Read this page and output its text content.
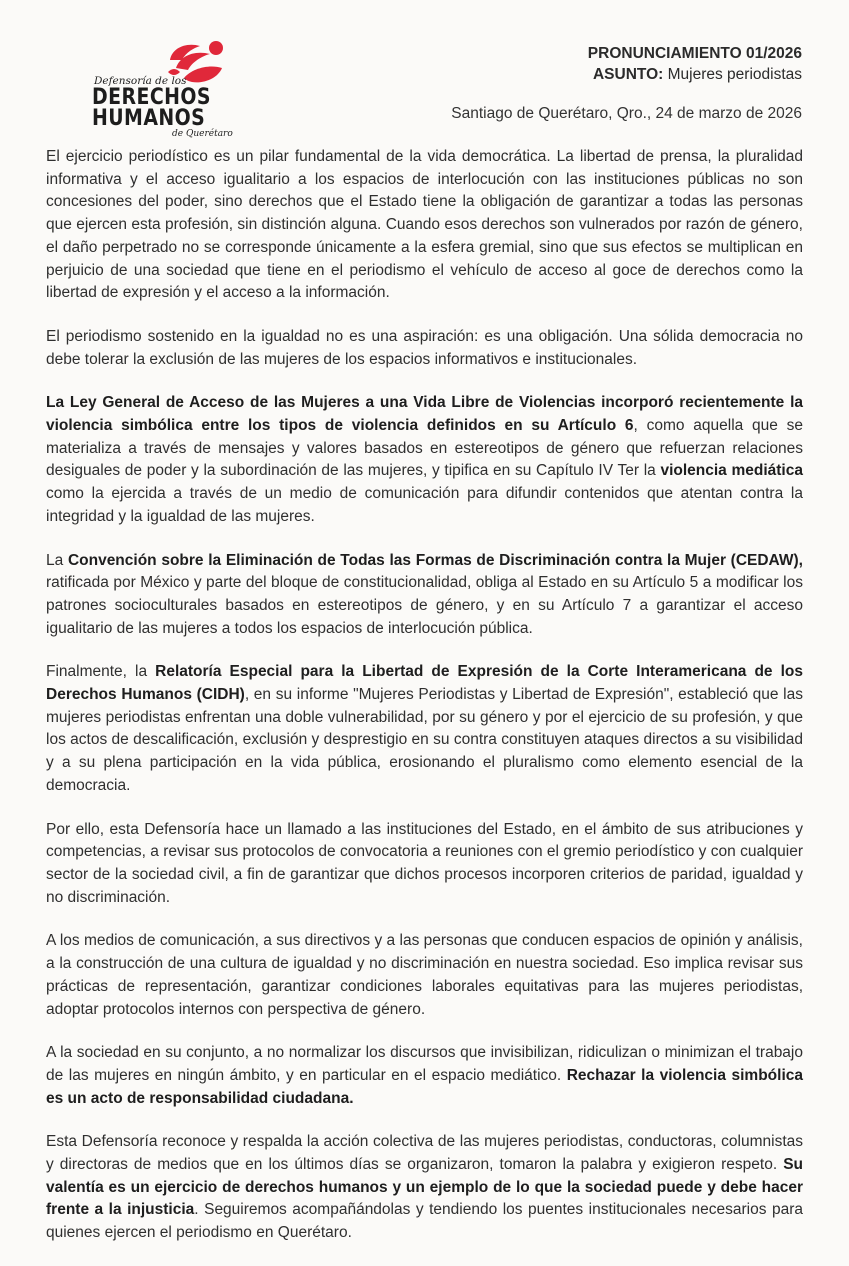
Defensoría de los
DERECHOS
HUMANOS
de Querétaro
PRONUNCIAMIENTO 01/2026
ASUNTO: Mujeres periodistas
Santiago de Querétaro, Qro., 24 de marzo de 2026

El ejercicio periodístico es un pilar fundamental de la vida democrática. La libertad de prensa, la pluralidad informativa y el acceso igualitario a los espacios de interlocución con las instituciones públicas no son concesiones del poder, sino derechos que el Estado tiene la obligación de garantizar a todas las personas que ejercen esta profesión, sin distinción alguna. Cuando esos derechos son vulnerados por razón de género, el daño perpetrado no se corresponde únicamente a la esfera gremial, sino que sus efectos se multiplican en perjuicio de una sociedad que tiene en el periodismo el vehículo de acceso al goce de derechos como la libertad de expresión y el acceso a la información.

El periodismo sostenido en la igualdad no es una aspiración: es una obligación. Una sólida democracia no debe tolerar la exclusión de las mujeres de los espacios informativos e institucionales.

La Ley General de Acceso de las Mujeres a una Vida Libre de Violencias incorporó recientemente la violencia simbólica entre los tipos de violencia definidos en su Artículo 6, como aquella que se materializa a través de mensajes y valores basados en estereotipos de género que refuerzan relaciones desiguales de poder y la subordinación de las mujeres, y tipifica en su Capítulo IV Ter la violencia mediática como la ejercida a través de un medio de comunicación para difundir contenidos que atentan contra la integridad y la igualdad de las mujeres.

La Convención sobre la Eliminación de Todas las Formas de Discriminación contra la Mujer (CEDAW), ratificada por México y parte del bloque de constitucionalidad, obliga al Estado en su Artículo 5 a modificar los patrones socioculturales basados en estereotipos de género, y en su Artículo 7 a garantizar el acceso igualitario de las mujeres a todos los espacios de interlocución pública.

Finalmente, la Relatoría Especial para la Libertad de Expresión de la Corte Interamericana de los Derechos Humanos (CIDH), en su informe "Mujeres Periodistas y Libertad de Expresión", estableció que las mujeres periodistas enfrentan una doble vulnerabilidad, por su género y por el ejercicio de su profesión, y que los actos de descalificación, exclusión y desprestigio en su contra constituyen ataques directos a su visibilidad y a su plena participación en la vida pública, erosionando el pluralismo como elemento esencial de la democracia.

Por ello, esta Defensoría hace un llamado a las instituciones del Estado, en el ámbito de sus atribuciones y competencias, a revisar sus protocolos de convocatoria a reuniones con el gremio periodístico y con cualquier sector de la sociedad civil, a fin de garantizar que dichos procesos incorporen criterios de paridad, igualdad y no discriminación.

A los medios de comunicación, a sus directivos y a las personas que conducen espacios de opinión y análisis, a la construcción de una cultura de igualdad y no discriminación en nuestra sociedad. Eso implica revisar sus prácticas de representación, garantizar condiciones laborales equitativas para las mujeres periodistas, adoptar protocolos internos con perspectiva de género.

A la sociedad en su conjunto, a no normalizar los discursos que invisibilizan, ridiculizan o minimizan el trabajo de las mujeres en ningún ámbito, y en particular en el espacio mediático. Rechazar la violencia simbólica es un acto de responsabilidad ciudadana.

Esta Defensoría reconoce y respalda la acción colectiva de las mujeres periodistas, conductoras, columnistas y directoras de medios que en los últimos días se organizaron, tomaron la palabra y exigieron respeto. Su valentía es un ejercicio de derechos humanos y un ejemplo de lo que la sociedad puede y debe hacer frente a la injusticia. Seguiremos acompañándolas y tendiendo los puentes institucionales necesarios para quienes ejercen el periodismo en Querétaro.
